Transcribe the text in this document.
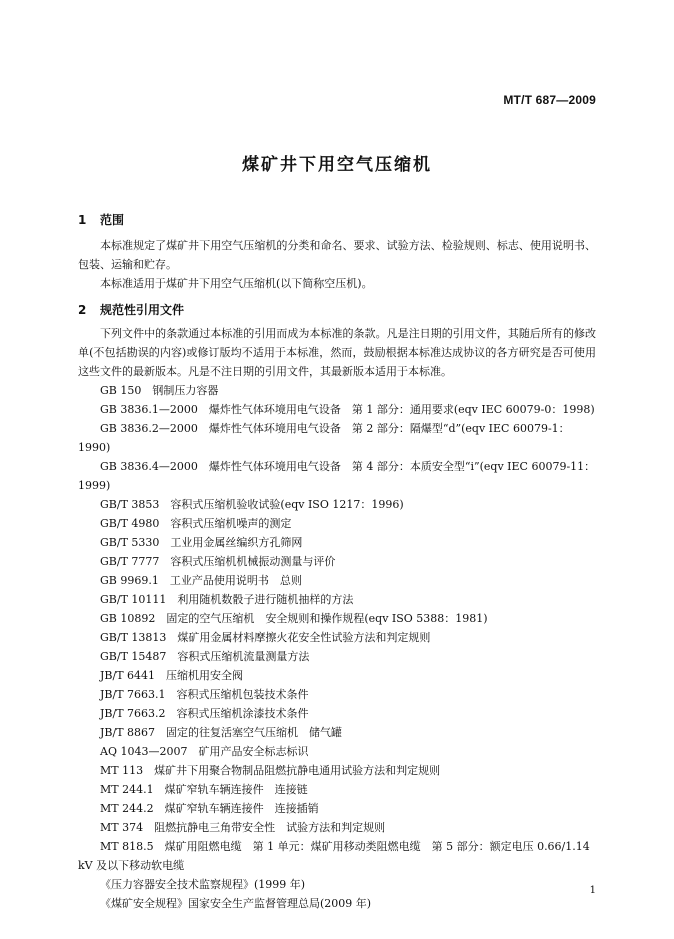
MT/T 687—2009
煤矿井下用空气压缩机
1 范围

本标准规定了煤矿井下用空气压缩机的分类和命名、要求、试验方法、检验规则、标志、使用说明书、包装、运输和贮存。

本标准适用于煤矿井下用空气压缩机(以下简称空压机)。

2 规范性引用文件

下列文件中的条款通过本标准的引用而成为本标准的条款。凡是注日期的引用文件，其随后所有的修改单(不包括勘误的内容)或修订版均不适用于本标准，然而，鼓励根据本标准达成协议的各方研究是否可使用这些文件的最新版本。凡是不注日期的引用文件，其最新版本适用于本标准。

GB 150　钢制压力容器
GB 3836.1—2000　爆炸性气体环境用电气设备　第 1 部分：通用要求(eqv IEC 60079-0：1998)
GB 3836.2—2000　爆炸性气体环境用电气设备　第 2 部分：隔爆型“d”(eqv IEC 60079-1：1990)
GB 3836.4—2000　爆炸性气体环境用电气设备　第 4 部分：本质安全型“i”(eqv IEC 60079-11：1999)
GB/T 3853　容积式压缩机验收试验(eqv ISO 1217：1996)
GB/T 4980　容积式压缩机噪声的测定
GB/T 5330　工业用金属丝编织方孔筛网
GB/T 7777　容积式压缩机机械振动测量与评价
GB 9969.1　工业产品使用说明书　总则
GB/T 10111　利用随机数骰子进行随机抽样的方法
GB 10892　固定的空气压缩机　安全规则和操作规程(eqv ISO 5388：1981)
GB/T 13813　煤矿用金属材料摩擦火花安全性试验方法和判定规则
GB/T 15487　容积式压缩机流量测量方法
JB/T 6441　压缩机用安全阀
JB/T 7663.1　容积式压缩机包装技术条件
JB/T 7663.2　容积式压缩机涂漆技术条件
JB/T 8867　固定的往复活塞空气压缩机　储气罐
AQ 1043—2007　矿用产品安全标志标识
MT 113　煤矿井下用聚合物制品阻燃抗静电通用试验方法和判定规则
MT 244.1　煤矿窄轨车辆连接件　连接链
MT 244.2　煤矿窄轨车辆连接件　连接插销
MT 374　阻燃抗静电三角带安全性　试验方法和判定规则
MT 818.5　煤矿用阻燃电缆　第 1 单元：煤矿用移动类阻燃电缆　第 5 部分：额定电压 0.66/1.14 kV 及以下移动软电缆
《压力容器安全技术监察规程》(1999 年)
《煤矿安全规程》国家安全生产监督管理总局(2009 年)
1
